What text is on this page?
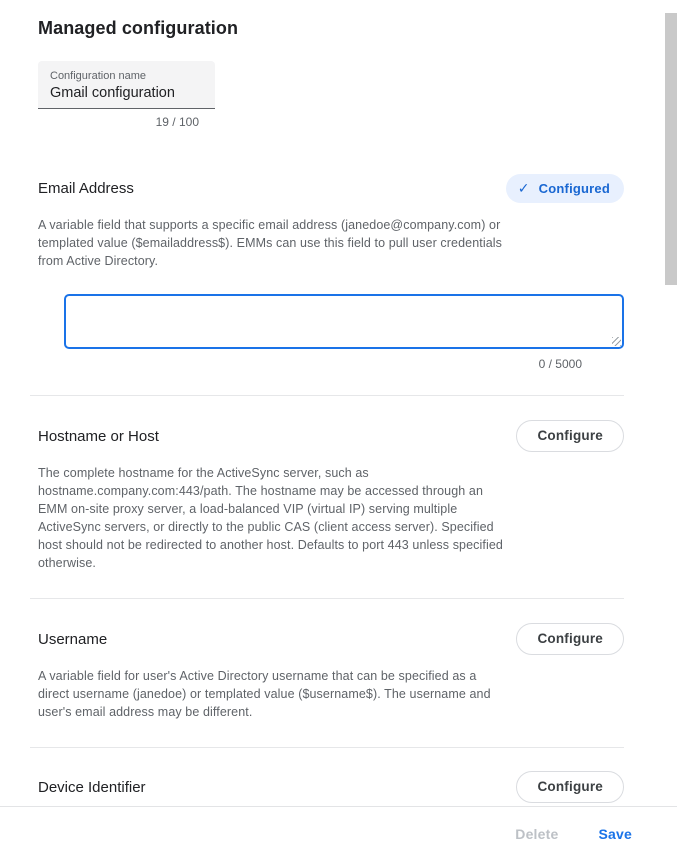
Managed configuration
Configuration name
Gmail configuration
19 / 100
Email Address	✓ Configured

A variable field that supports a specific email address (janedoe@company.com) or templated value ($emailaddress$). EMMs can use this field to pull user credentials from Active Directory.

0 / 5000
Hostname or Host	Configure

The complete hostname for the ActiveSync server, such as hostname.company.com:443/path. The hostname may be accessed through an EMM on-site proxy server, a load-balanced VIP (virtual IP) serving multiple ActiveSync servers, or directly to the public CAS (client access server). Specified host should not be redirected to another host. Defaults to port 443 unless specified otherwise.

Username	Configure

A variable field for user's Active Directory username that can be specified as a direct username (janedoe) or templated value ($username$). The username and user's email address may be different.

Device Identifier	Configure
Delete	Save
